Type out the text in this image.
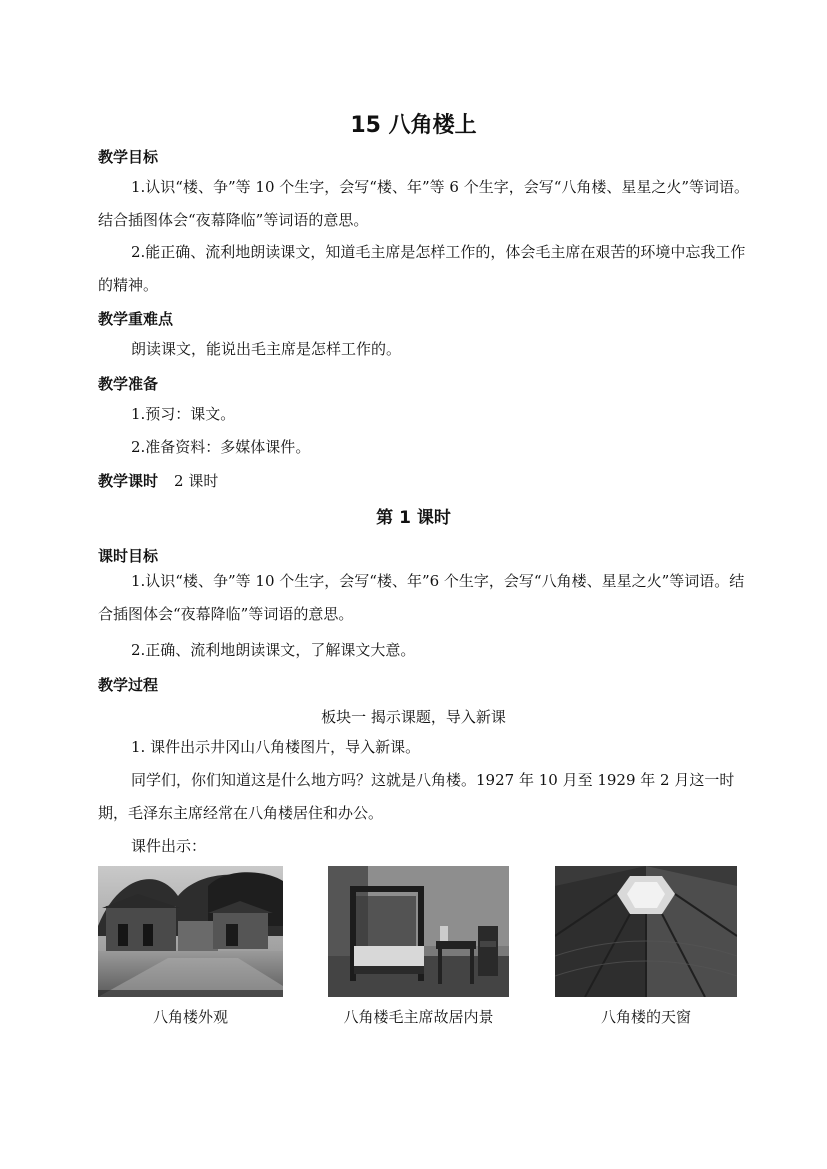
15 八角楼上
教学目标
1.认识“楼、争”等 10 个生字，会写“楼、年”等 6 个生字，会写“八角楼、星星之火”等词语。结合插图体会“夜幕降临”等词语的意思。
2.能正确、流利地朗读课文，知道毛主席是怎样工作的，体会毛主席在艰苦的环境中忘我工作的精神。
教学重难点
朗读课文，能说出毛主席是怎样工作的。
教学准备
1.预习：课文。
2.准备资料：多媒体课件。
教学课时 2 课时
第 1 课时
课时目标
1.认识“楼、争”等 10 个生字，会写“楼、年”6 个生字，会写“八角楼、星星之火”等词语。结合插图体会“夜幕降临”等词语的意思。
2.正确、流利地朗读课文，了解课文大意。
教学过程
板块一 揭示课题，导入新课
1. 课件出示井冈山八角楼图片，导入新课。
同学们，你们知道这是什么地方吗？这就是八角楼。1927 年 10 月至 1929 年 2 月这一时期，毛泽东主席经常在八角楼居住和办公。
课件出示：
八角楼外观	八角楼毛主席故居内景	八角楼的天窗
